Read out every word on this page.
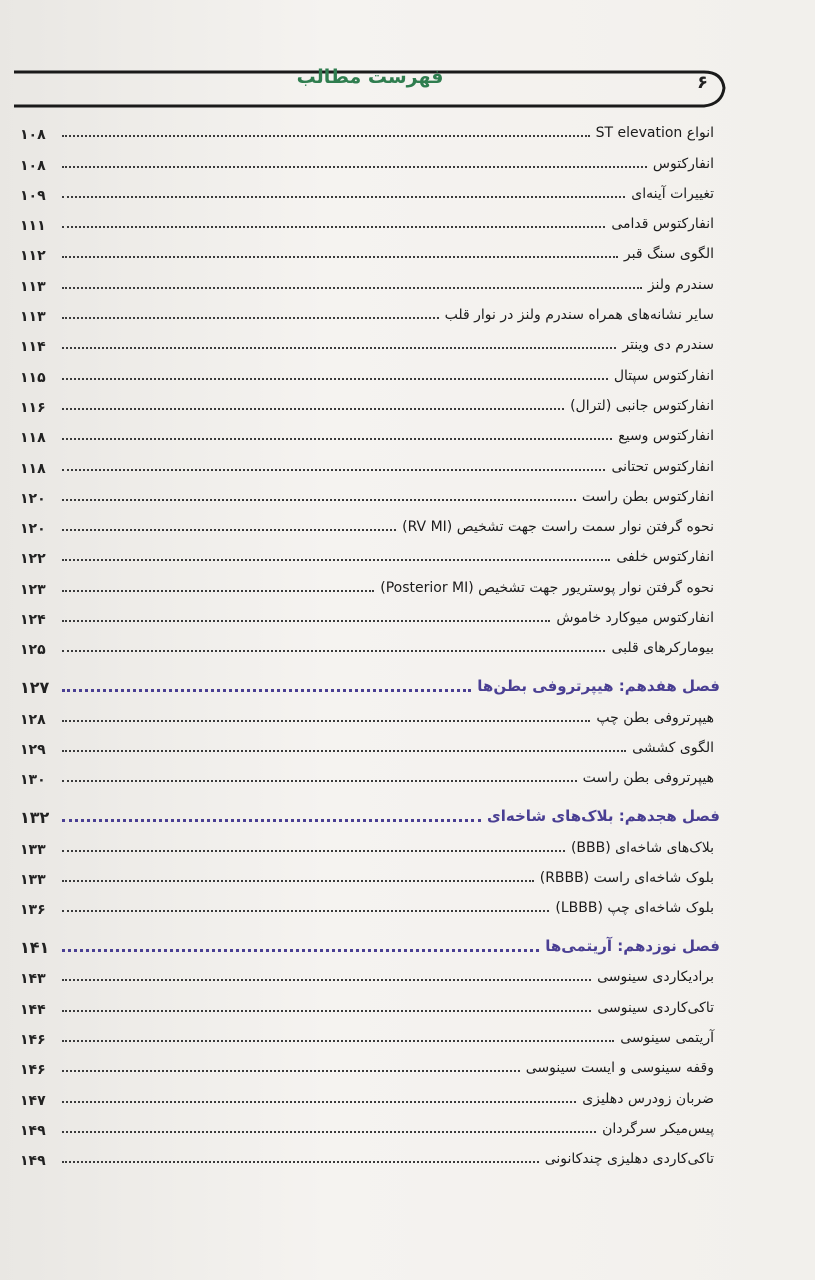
فهرست مطالب	۶
انواع ST elevation
۱۰۸
انفارکتوس
۱۰۸
تغییرات آینه‌ای
۱۰۹
انفارکتوس قدامی
۱۱۱
الگوی سنگ قبر
۱۱۲
سندرم ولنز
۱۱۳
سایر نشانه‌های همراه سندرم ولنز در نوار قلب
۱۱۳
سندرم دی وینتر
۱۱۴
انفارکتوس سپتال
۱۱۵
انفارکتوس جانبی (لترال)
۱۱۶
انفارکتوس وسیع
۱۱۸
انفارکتوس تحتانی
۱۱۸
انفارکتوس بطن راست
۱۲۰
نحوه گرفتن نوار سمت راست جهت تشخیص (RV MI)
۱۲۰
انفارکتوس خلفی
۱۲۲
نحوه گرفتن نوار پوستریور جهت تشخیص (Posterior MI)
۱۲۳
انفارکتوس میوکارد خاموش
۱۲۴
بیومارکرهای قلبی
۱۲۵
فصل هفدهم: هیپرتروفی بطن‌ها
۱۲۷
هیپرتروفی بطن چپ
۱۲۸
الگوی کششی
۱۲۹
هیپرتروفی بطن راست
۱۳۰
فصل هجدهم: بلاک‌های شاخه‌ای
۱۳۲
بلاک‌های شاخه‌ای (BBB)
۱۳۳
بلوک شاخه‌ای راست (RBBB)
۱۳۳
بلوک شاخه‌ای چپ (LBBB)
۱۳۶
فصل نوزدهم: آریتمی‌ها
۱۴۱
برادیکاردی سینوسی
۱۴۳
تاکی‌کاردی سینوسی
۱۴۴
آریتمی سینوسی
۱۴۶
وقفه سینوسی و ایست سینوسی
۱۴۶
ضربان زودرس دهلیزی
۱۴۷
پیس‌میکر سرگردان
۱۴۹
تاکی‌کاردی دهلیزی چندکانونی
۱۴۹
